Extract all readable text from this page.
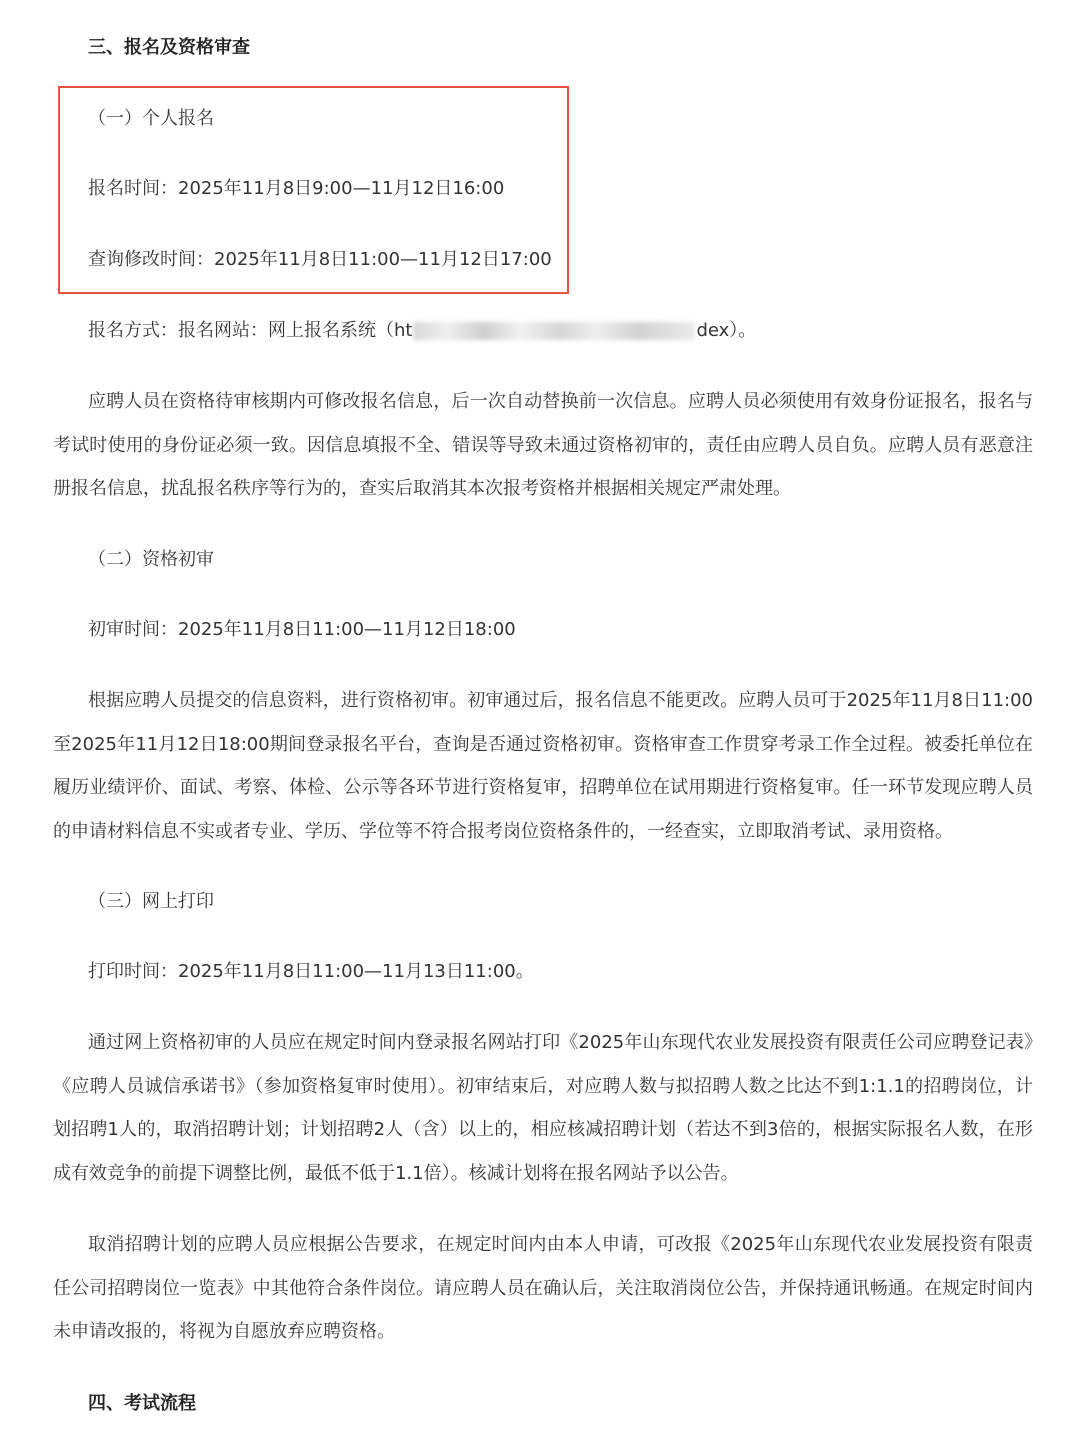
三、报名及资格审查
（一）个人报名
报名时间：2025年11月8日9:00—11月12日16:00
查询修改时间：2025年11月8日11:00—11月12日17:00
报名方式：报名网站：网上报名系统（ht	dex）。
应聘人员在资格待审核期内可修改报名信息，后一次自动替换前一次信息。应聘人员必须使用有效身份证报名，报名与考试时使用的身份证必须一致。因信息填报不全、错误等导致未通过资格初审的，责任由应聘人员自负。应聘人员有恶意注册报名信息，扰乱报名秩序等行为的，查实后取消其本次报考资格并根据相关规定严肃处理。
（二）资格初审
初审时间：2025年11月8日11:00—11月12日18:00
根据应聘人员提交的信息资料，进行资格初审。初审通过后，报名信息不能更改。应聘人员可于2025年11月8日11:00至2025年11月12日18:00期间登录报名平台，查询是否通过资格初审。资格审查工作贯穿考录工作全过程。被委托单位在履历业绩评价、面试、考察、体检、公示等各环节进行资格复审，招聘单位在试用期进行资格复审。任一环节发现应聘人员的申请材料信息不实或者专业、学历、学位等不符合报考岗位资格条件的，一经查实，立即取消考试、录用资格。
（三）网上打印
打印时间：2025年11月8日11:00—11月13日11:00。
通过网上资格初审的人员应在规定时间内登录报名网站打印《2025年山东现代农业发展投资有限责任公司应聘登记表》《应聘人员诚信承诺书》（参加资格复审时使用）。初审结束后，对应聘人数与拟招聘人数之比达不到1:1.1的招聘岗位，计划招聘1人的，取消招聘计划；计划招聘2人（含）以上的，相应核减招聘计划（若达不到3倍的，根据实际报名人数，在形成有效竞争的前提下调整比例，最低不低于1.1倍）。核减计划将在报名网站予以公告。
取消招聘计划的应聘人员应根据公告要求，在规定时间内由本人申请，可改报《2025年山东现代农业发展投资有限责任公司招聘岗位一览表》中其他符合条件岗位。请应聘人员在确认后，关注取消岗位公告，并保持通讯畅通。在规定时间内未申请改报的，将视为自愿放弃应聘资格。
四、考试流程
